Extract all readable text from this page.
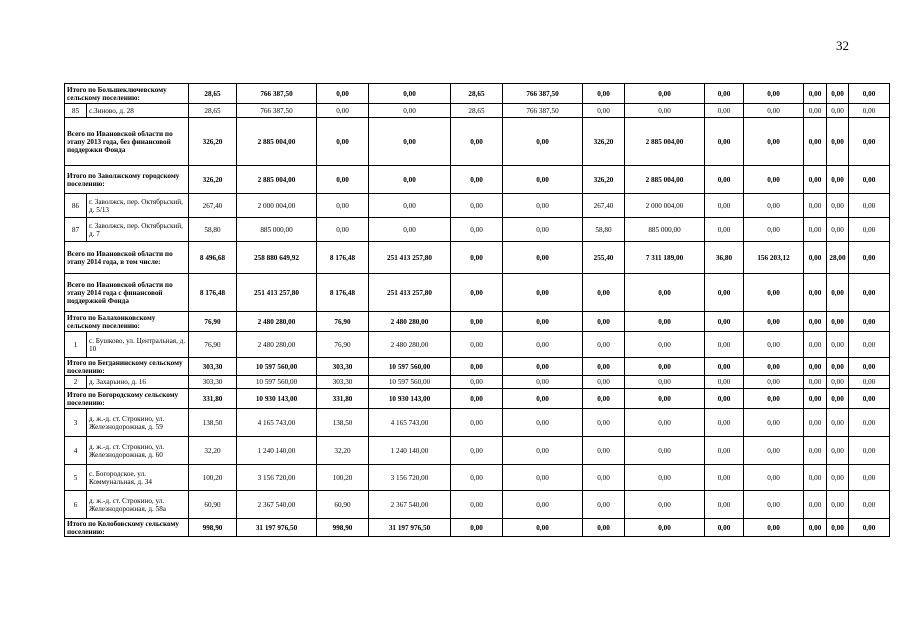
32
Итого по Большеключевскому сельскому поселению:		28,65	766 387,50	0,00	0,00	28,65	766 387,50	0,00	0,00	0,00	0,00	0,00	0,00	0,00
85	с.Зиново, д. 28	28,65	766 387,50	0,00	0,00	28,65	766 387,50	0,00	0,00	0,00	0,00	0,00	0,00	0,00
Всего по Ивановской области по этапу 2013 года, без финансовой поддержки Фонда		326,20	2 885 004,00	0,00	0,00	0,00	0,00	326,20	2 885 004,00	0,00	0,00	0,00	0,00	0,00
Итого по Заволжскому городскому поселению:		326,20	2 885 004,00	0,00	0,00	0,00	0,00	326,20	2 885 004,00	0,00	0,00	0,00	0,00	0,00
86	г. Заволжск, пер. Октябрьский, д. 5/13	267,40	2 000 004,00	0,00	0,00	0,00	0,00	267,40	2 000 004,00	0,00	0,00	0,00	0,00	0,00
87	г. Заволжск, пер. Октябрьский, д. 7	58,80	885 000,00	0,00	0,00	0,00	0,00	58,80	885 000,00	0,00	0,00	0,00	0,00	0,00
Всего по Ивановской области по этапу 2014 года, в том числе:		8 496,68	258 880 649,92	8 176,48	251 413 257,80	0,00	0,00	255,40	7 311 189,00	36,80	156 203,12	0,00	28,00	0,00
Всего по Ивановской области по этапу 2014 года с финансовой поддержкой Фонда		8 176,48	251 413 257,80	8 176,48	251 413 257,80	0,00	0,00	0,00	0,00	0,00	0,00	0,00	0,00	0,00
Итого по Балахонковскому сельскому поселению:		76,90	2 480 280,00	76,90	2 480 280,00	0,00	0,00	0,00	0,00	0,00	0,00	0,00	0,00	0,00
1	с. Бушково, ул. Центральная, д. 10	76,90	2 480 280,00	76,90	2 480 280,00	0,00	0,00	0,00	0,00	0,00	0,00	0,00	0,00	0,00
Итого по Бегданинскому сельскому поселению:		303,30	10 597 560,00	303,30	10 597 560,00	0,00	0,00	0,00	0,00	0,00	0,00	0,00	0,00	0,00
2	д. Захарьино, д. 16	303,30	10 597 560,00	303,30	10 597 560,00	0,00	0,00	0,00	0,00	0,00	0,00	0,00	0,00	0,00
Итого по Богородскому сельскому поселению:		331,80	10 930 143,00	331,80	10 930 143,00	0,00	0,00	0,00	0,00	0,00	0,00	0,00	0,00	0,00
3	д. ж.-д. ст. Строкино, ул. Железнодорожная, д. 59	138,50	4 165 743,00	138,50	4 165 743,00	0,00	0,00	0,00	0,00	0,00	0,00	0,00	0,00	0,00
4	д. ж.-д. ст. Строкино, ул. Железнодорожная, д. 60	32,20	1 240 140,00	32,20	1 240 140,00	0,00	0,00	0,00	0,00	0,00	0,00	0,00	0,00	0,00
5	с. Богородское, ул. Коммунальная, д. 34	100,20	3 156 720,00	100,20	3 156 720,00	0,00	0,00	0,00	0,00	0,00	0,00	0,00	0,00	0,00
6	д. ж.-д. ст. Строкино, ул. Железнодорожная, д. 58а	60,90	2 367 540,00	60,90	2 367 540,00	0,00	0,00	0,00	0,00	0,00	0,00	0,00	0,00	0,00
Итого по Колобовскому сельскому поселению:		998,90	31 197 976,50	998,90	31 197 976,50	0,00	0,00	0,00	0,00	0,00	0,00	0,00	0,00	0,00
